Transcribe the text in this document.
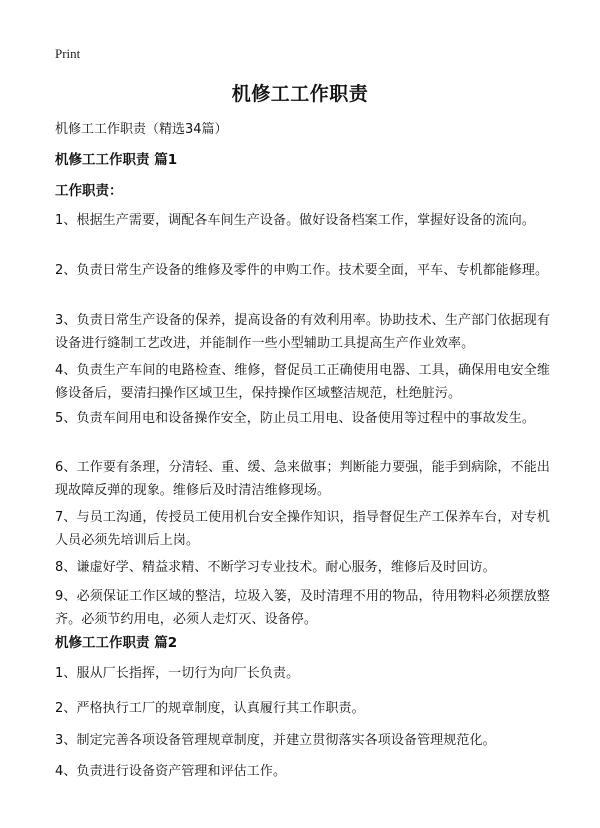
Print
机修工工作职责
机修工工作职责（精选34篇）
机修工工作职责 篇1
工作职责：
1、根据生产需要，调配各车间生产设备。做好设备档案工作，掌握好设备的流向。
2、负责日常生产设备的维修及零件的申购工作。技术要全面，平车、专机都能修理。
3、负责日常生产设备的保养，提高设备的有效利用率。协助技术、生产部门依据现有设备进行缝制工艺改进，并能制作一些小型辅助工具提高生产作业效率。
4、负责生产车间的电路检查、维修，督促员工正确使用电器、工具，确保用电安全维修设备后，要清扫操作区域卫生，保持操作区域整洁规范，杜绝脏污。
5、负责车间用电和设备操作安全，防止员工用电、设备使用等过程中的事故发生。
6、工作要有条理，分清轻、重、缓、急来做事；判断能力要强，能手到病除，不能出现故障反弹的现象。维修后及时清洁维修现场。
7、与员工沟通，传授员工使用机台安全操作知识，指导督促生产工保养车台，对专机人员必须先培训后上岗。
8、谦虚好学、精益求精、不断学习专业技术。耐心服务，维修后及时回访。
9、必须保证工作区域的整洁，垃圾入篓，及时清理不用的物品，待用物料必须摆放整齐。必须节约用电，必须人走灯灭、设备停。
机修工工作职责 篇2
1、服从厂长指挥，一切行为向厂长负责。
2、严格执行工厂的规章制度，认真履行其工作职责。
3、制定完善各项设备管理规章制度，并建立贯彻落实各项设备管理规范化。
4、负责进行设备资产管理和评估工作。
